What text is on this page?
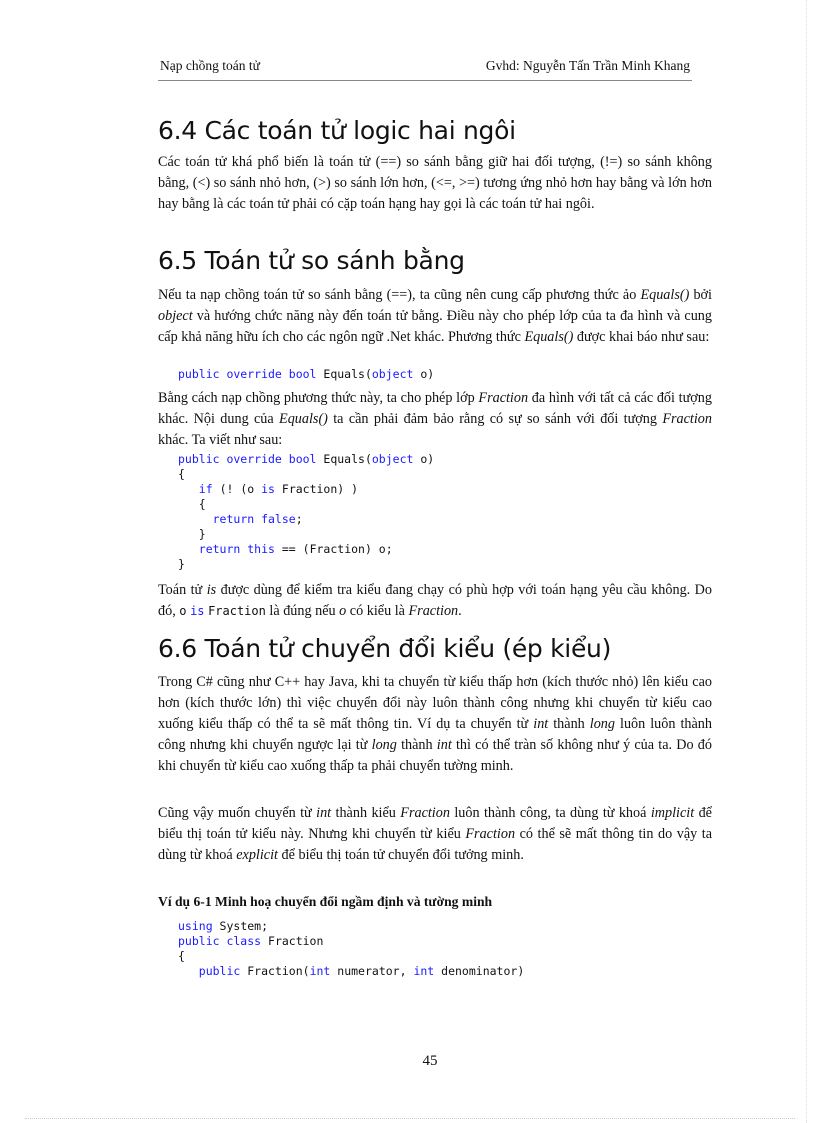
Nạp chồng toán tử	Gvhd: Nguyễn Tấn Trần Minh Khang
6.4 Các toán tử logic hai ngôi

Các toán tử khá phổ biến là toán tử (==) so sánh bằng giữ hai đối tượng, (!=) so sánh không bằng, (<) so sánh nhỏ hơn, (>) so sánh lớn hơn, (<=, >=) tương ứng nhỏ hơn hay bằng và lớn hơn hay bằng là các toán tử phải có cặp toán hạng hay gọi là các toán tử hai ngôi.

6.5 Toán tử so sánh bằng

Nếu ta nạp chồng toán tử so sánh bằng (==), ta cũng nên cung cấp phương thức ảo Equals() bởi object và hướng chức năng này đến toán tử bằng. Điều này cho phép lớp của ta đa hình và cung cấp khả năng hữu ích cho các ngôn ngữ .Net khác. Phương thức Equals() được khai báo như sau:

public override bool Equals(object o)

Bằng cách nạp chồng phương thức này, ta cho phép lớp Fraction đa hình với tất cả các đối tượng khác. Nội dung của Equals() ta cần phải đảm bảo rằng có sự so sánh với đối tượng Fraction khác. Ta viết như sau:

public override bool Equals(object o)
{
if (! (o is Fraction) )
{
return false;
}
return this == (Fraction) o;
}

Toán tử is được dùng để kiểm tra kiểu đang chạy có phù hợp với toán hạng yêu cầu không. Do đó, o is Fraction là đúng nếu o có kiểu là Fraction.

6.6 Toán tử chuyển đổi kiểu (ép kiểu)

Trong C# cũng như C++ hay Java, khi ta chuyển từ kiểu thấp hơn (kích thước nhỏ) lên kiểu cao hơn (kích thước lớn) thì việc chuyển đổi này luôn thành công nhưng khi chuyển từ kiểu cao xuống kiểu thấp có thể ta sẽ mất thông tin. Ví dụ ta chuyển từ int thành long luôn luôn thành công nhưng khi chuyển ngược lại từ long thành int thì có thể tràn số không như ý của ta. Do đó khi chuyển từ kiểu cao xuống thấp ta phải chuyển tường minh.

Cũng vậy muốn chuyển từ int thành kiểu Fraction luôn thành công, ta dùng từ khoá implicit để biểu thị toán tử kiểu này. Nhưng khi chuyển từ kiểu Fraction có thể sẽ mất thông tin do vậy ta dùng từ khoá explicit để biểu thị toán tử chuyển đổi tưởng minh.

Ví dụ 6-1 Minh hoạ chuyển đổi ngầm định và tường minh
using System;
public class Fraction
{
public Fraction(int numerator, int denominator)
45
